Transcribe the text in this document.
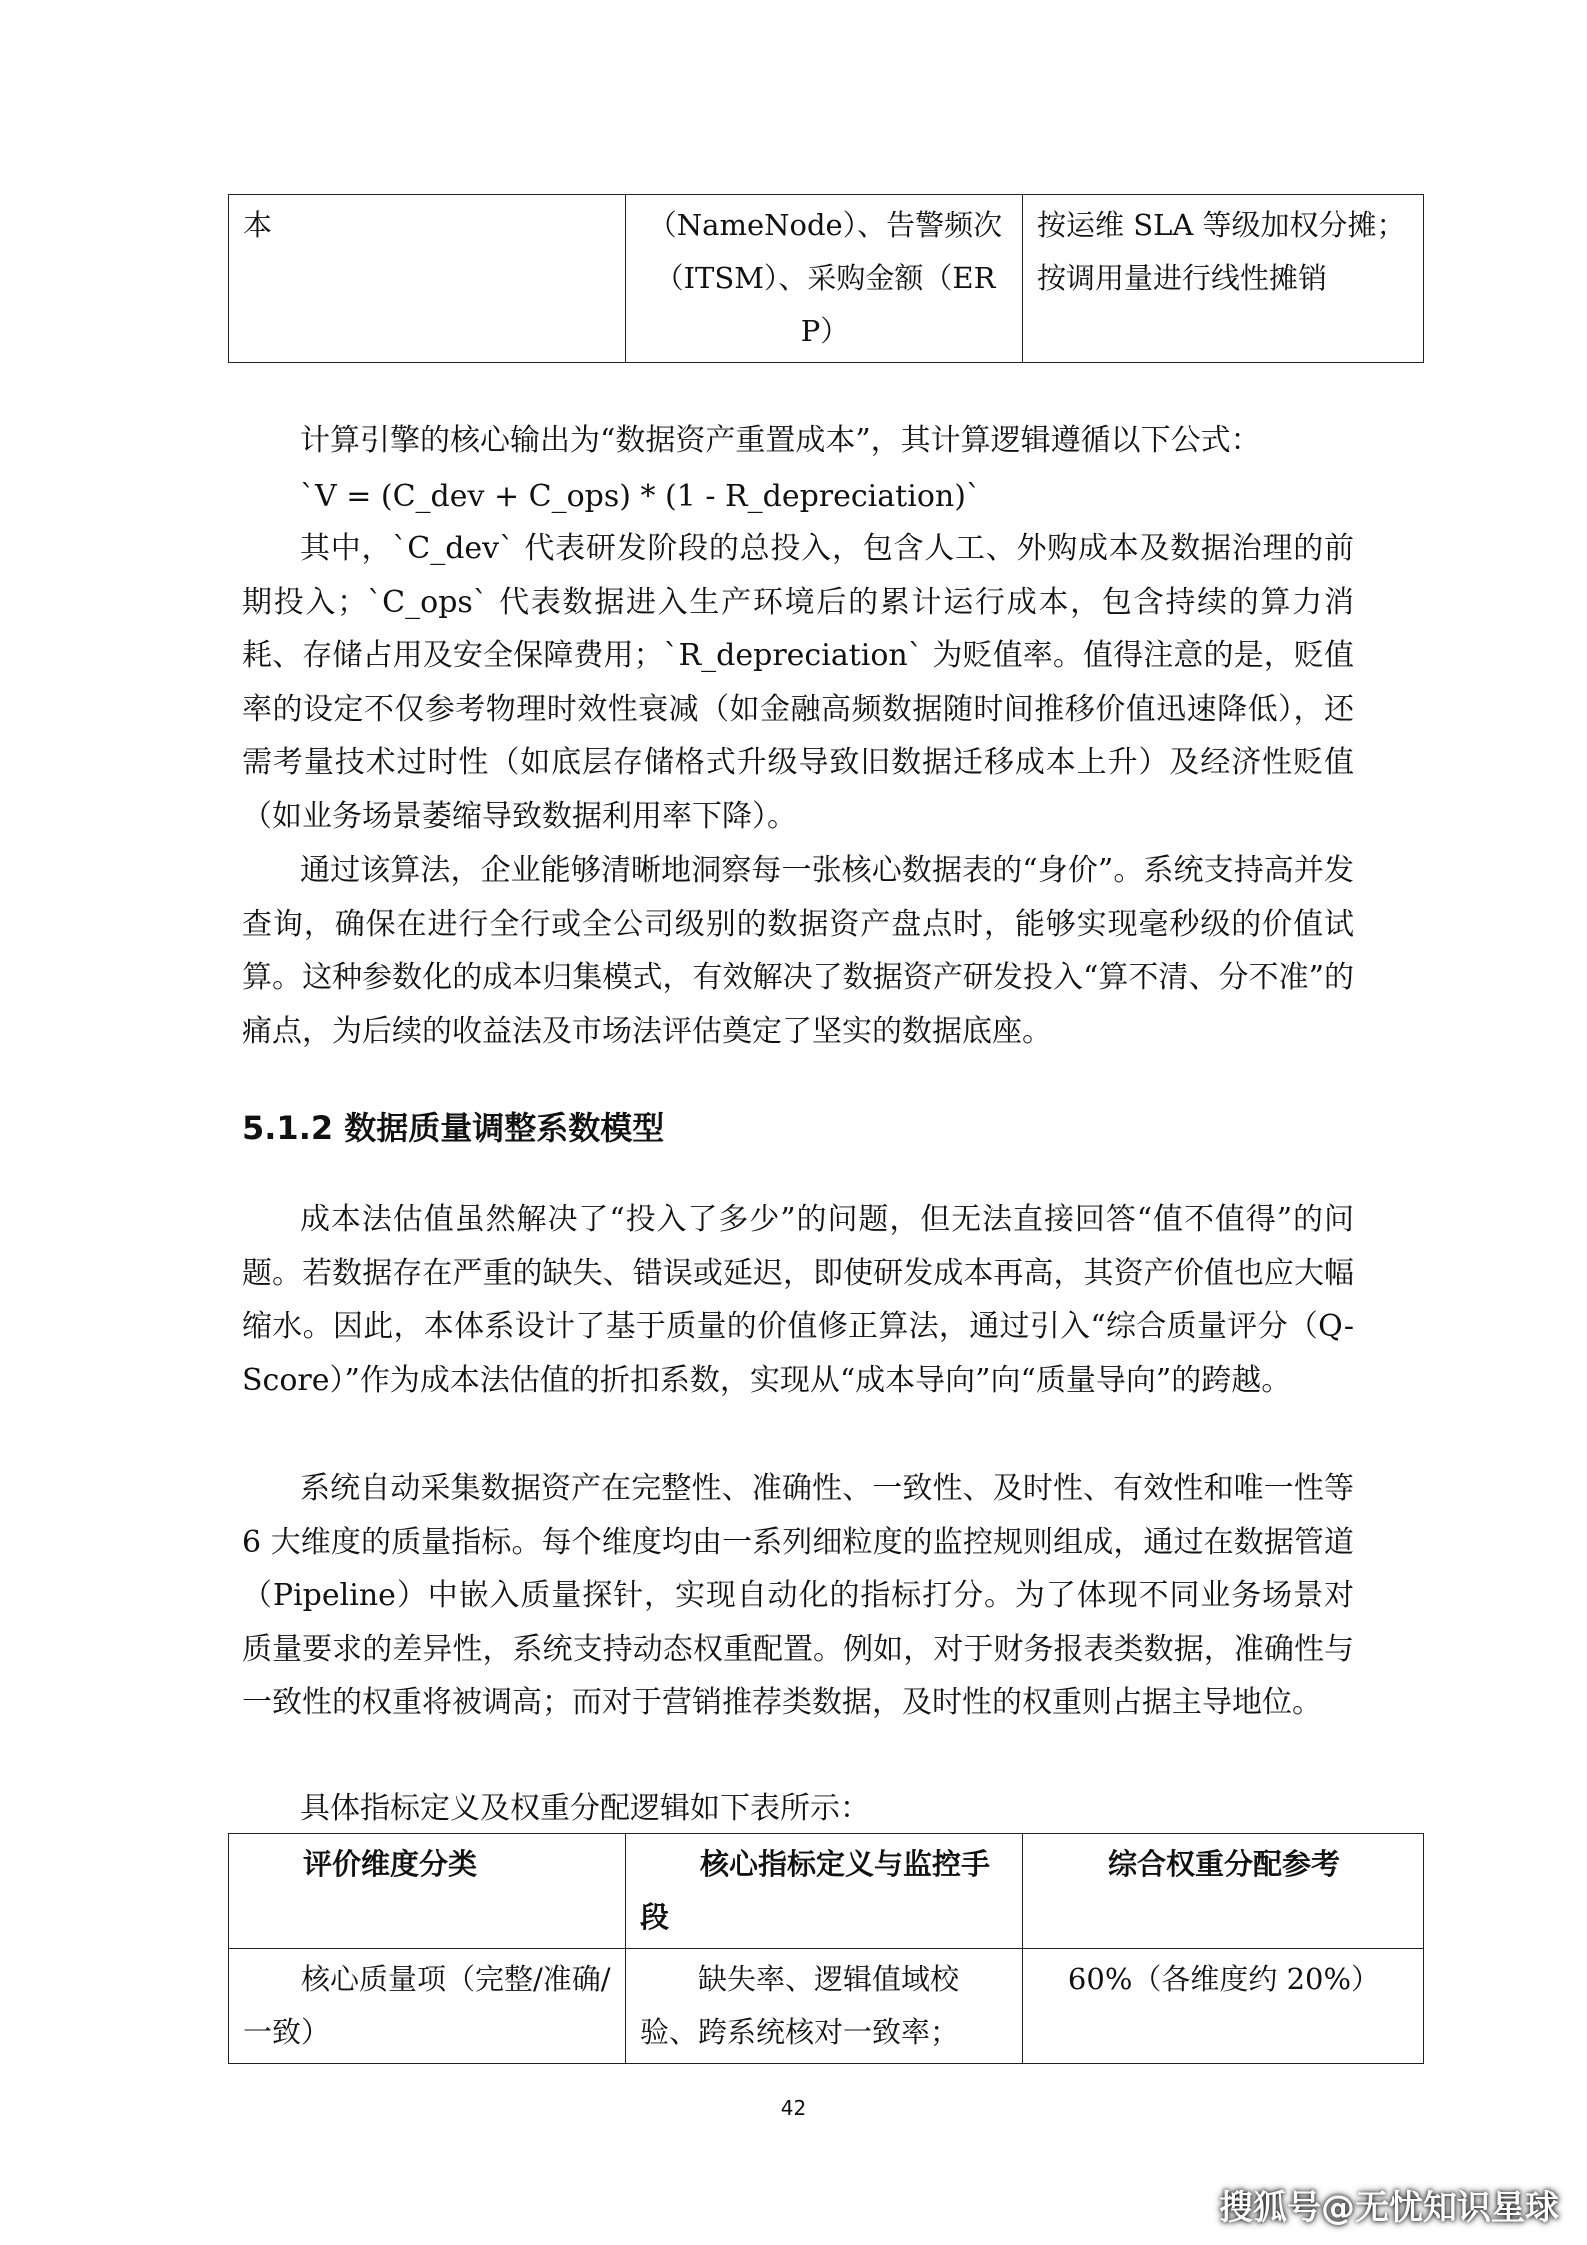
本	（NameNode）、告警频次（ITSM）、采购金额（ERP）	按运维 SLA 等级加权分摊；按调用量进行线性摊销

计算引擎的核心输出为“数据资产重置成本”，其计算逻辑遵循以下公式：

`V = (C_dev + C_ops) * (1 - R_depreciation)`

其中，`C_dev` 代表研发阶段的总投入，包含人工、外购成本及数据治理的前期投入；`C_ops` 代表数据进入生产环境后的累计运行成本，包含持续的算力消耗、存储占用及安全保障费用；`R_depreciation` 为贬值率。值得注意的是，贬值率的设定不仅参考物理时效性衰减（如金融高频数据随时间推移价值迅速降低），还需考量技术过时性（如底层存储格式升级导致旧数据迁移成本上升）及经济性贬值（如业务场景萎缩导致数据利用率下降）。

通过该算法，企业能够清晰地洞察每一张核心数据表的“身价”。系统支持高并发查询，确保在进行全行或全公司级别的数据资产盘点时，能够实现毫秒级的价值试算。这种参数化的成本归集模式，有效解决了数据资产研发投入“算不清、分不准”的痛点，为后续的收益法及市场法评估奠定了坚实的数据底座。

5.1.2 数据质量调整系数模型

成本法估值虽然解决了“投入了多少”的问题，但无法直接回答“值不值得”的问题。若数据存在严重的缺失、错误或延迟，即使研发成本再高，其资产价值也应大幅缩水。因此，本体系设计了基于质量的价值修正算法，通过引入“综合质量评分（Q-Score）”作为成本法估值的折扣系数，实现从“成本导向”向“质量导向”的跨越。

系统自动采集数据资产在完整性、准确性、一致性、及时性、有效性和唯一性等 6 大维度的质量指标。每个维度均由一系列细粒度的监控规则组成，通过在数据管道（Pipeline）中嵌入质量探针，实现自动化的指标打分。为了体现不同业务场景对质量要求的差异性，系统支持动态权重配置。例如，对于财务报表类数据，准确性与一致性的权重将被调高；而对于营销推荐类数据，及时性的权重则占据主导地位。

具体指标定义及权重分配逻辑如下表所示：

评价维度分类	核心指标定义与监控手段	综合权重分配参考
核心质量项（完整/准确/一致）	缺失率、逻辑值域校验、跨系统核对一致率；	60%（各维度约 20%）
42
搜狐号@无忧知识星球
